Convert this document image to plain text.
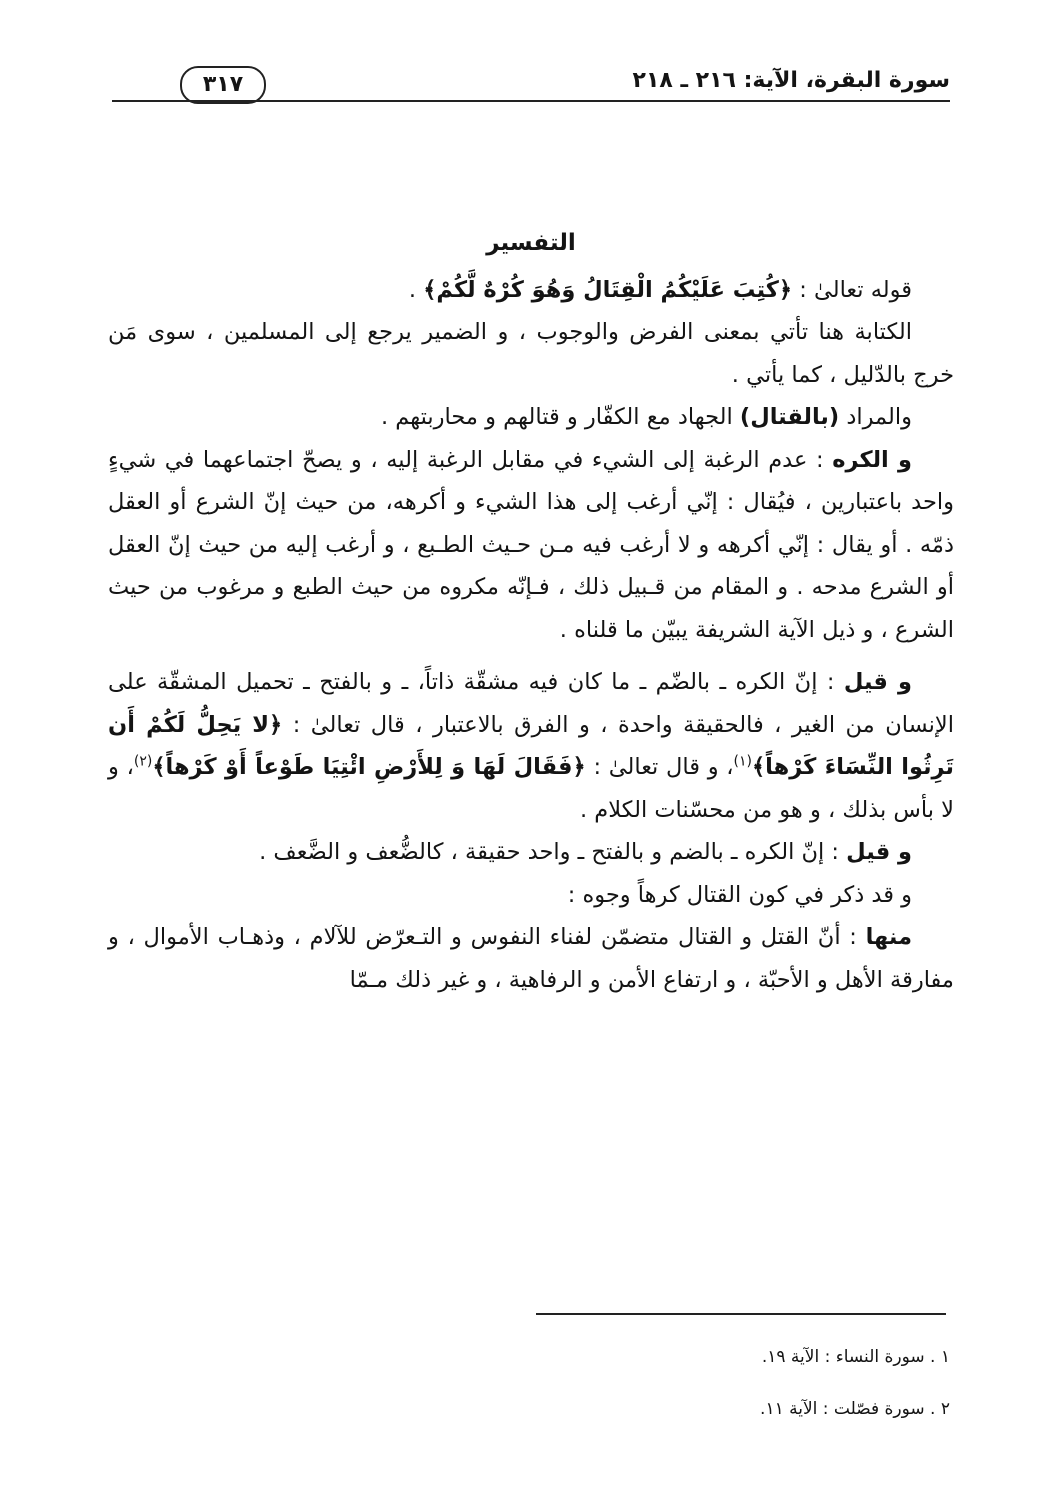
سورة البقرة، الآية: ٢١٦ ـ ٢١٨
٣١٧

التفسير

قوله تعالىٰ : ﴿كُتِبَ عَلَيْكُمُ الْقِتَالُ وَهُوَ كُرْهٌ لَّكُمْ﴾ .

الكتابة هنا تأتي بمعنى الفرض والوجوب ، و الضمير يرجع إلى المسلمين ، سوى مَن خرج بالدّليل ، كما يأتي .

والمراد (بالقتال) الجهاد مع الكفّار و قتالهم و محاربتهم .

و الكره : عدم الرغبة إلى الشيء في مقابل الرغبة إليه ، و يصحّ اجتماعهما في شيءٍ واحد باعتبارين ، فيُقال : إنّي أرغب إلى هذا الشيء و أكرهه، من حيث إنّ الشرع أو العقل ذمّه . أو يقال : إنّي أكرهه و لا أرغب فيه مـن حـيث الطـبع ، و أرغب إليه من حيث إنّ العقل أو الشرع مدحه . و المقام من قـبيل ذلك ، فـإنّه مكروه من حيث الطبع و مرغوب من حيث الشرع ، و ذيل الآية الشريفة يبيّن ما قلناه .

و قيل : إنّ الكره ـ بالضّم ـ ما كان فيه مشقّة ذاتاً، ـ و بالفتح ـ تحميل المشقّة على الإنسان من الغير ، فالحقيقة واحدة ، و الفرق بالاعتبار ، قال تعالىٰ : ﴿لا يَحِلُّ لَكُمْ أَن تَرِثُوا النِّسَاءَ كَرْهاً﴾$^{(١)}$، و قال تعالىٰ : ﴿فَقَالَ لَهَا وَ لِلأَرْضِ ائْتِيَا طَوْعاً أَوْ كَرْهاً﴾$^{(٢)}$، و لا بأس بذلك ، و هو من محسّنات الكلام .

و قيل : إنّ الكره ـ بالضم و بالفتح ـ واحد حقيقة ، كالضُّعف و الضَّعف .

و قد ذكر في كون القتال كرهاً وجوه :

منها : أنّ القتل و القتال متضمّن لفناء النفوس و التـعرّض للآلام ، وذهـاب الأموال ، و مفارقة الأهل و الأحبّة ، و ارتفاع الأمن و الرفاهية ، و غير ذلك مـمّا

١ . سورة النساء : الآية ١٩.
٢ . سورة فصّلت : الآية ١١.
